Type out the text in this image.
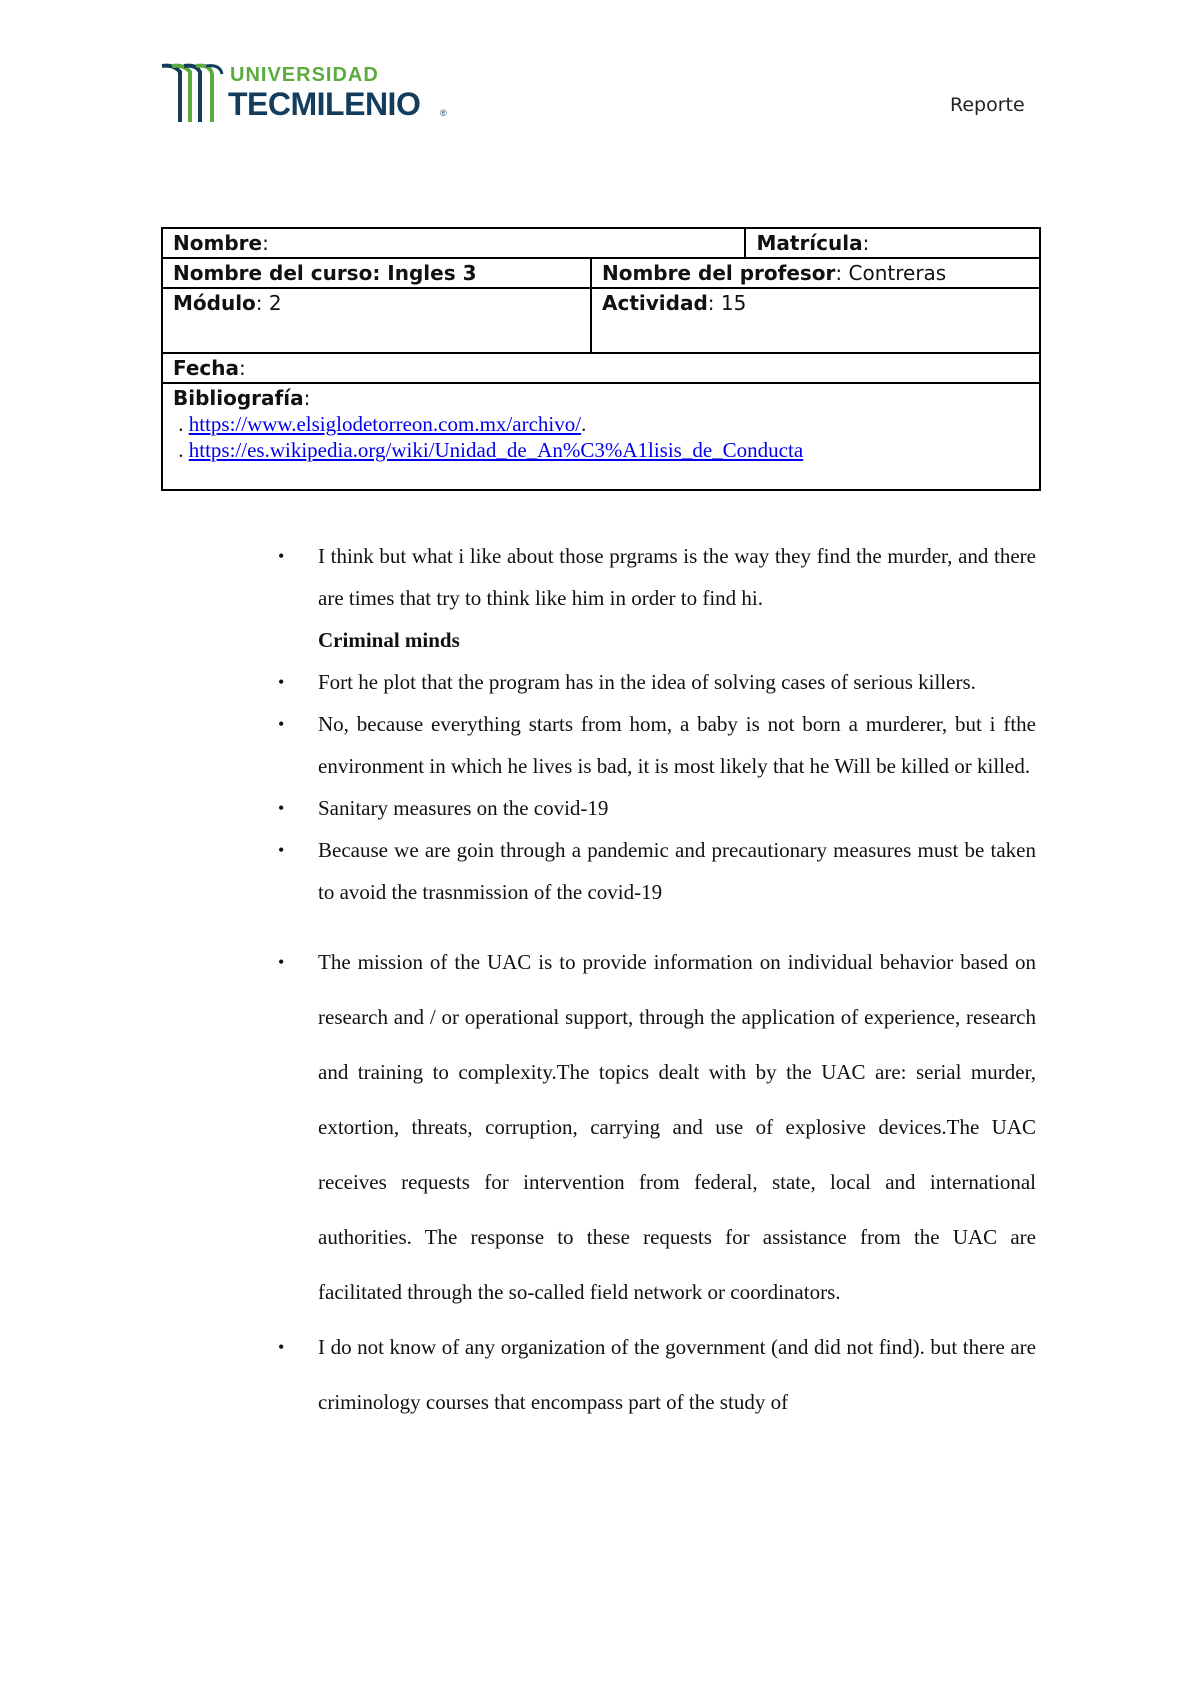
UNIVERSIDAD
TECMILENIO ®	Reporte
Nombre:		Matrícula:
Nombre del curso: Ingles 3	Nombre del profesor: Contreras	
Módulo: 2	Actividad: 15	
Fecha:		
Bibliografía:
. https://www.elsiglodetorreon.com.mx/archivo/.
. https://es.wikipedia.org/wiki/Unidad_de_An%C3%A1lisis_de_Conducta		
• I think but what i like about those prgrams is the way they find the murder, and there are times that try to think like him in order to find hi.
Criminal minds
• Fort he plot that the program has in the idea of solving cases of serious killers.
• No, because everything starts from hom, a baby is not born a murderer, but i fthe environment in which he lives is bad, it is most likely that he Will be killed or killed.
• Sanitary measures on the covid-19
• Because we are goin through a pandemic and precautionary measures must be taken to avoid the trasnmission of the covid-19
• The mission of the UAC is to provide information on individual behavior based on research and / or operational support, through the application of experience, research and training to complexity.The topics dealt with by the UAC are: serial murder, extortion, threats, corruption, carrying and use of explosive devices.The UAC receives requests for intervention from federal, state, local and international authorities. The response to these requests for assistance from the UAC are facilitated through the so-called field network or coordinators.
• I do not know of any organization of the government (and did not find). but there are criminology courses that encompass part of the study of
